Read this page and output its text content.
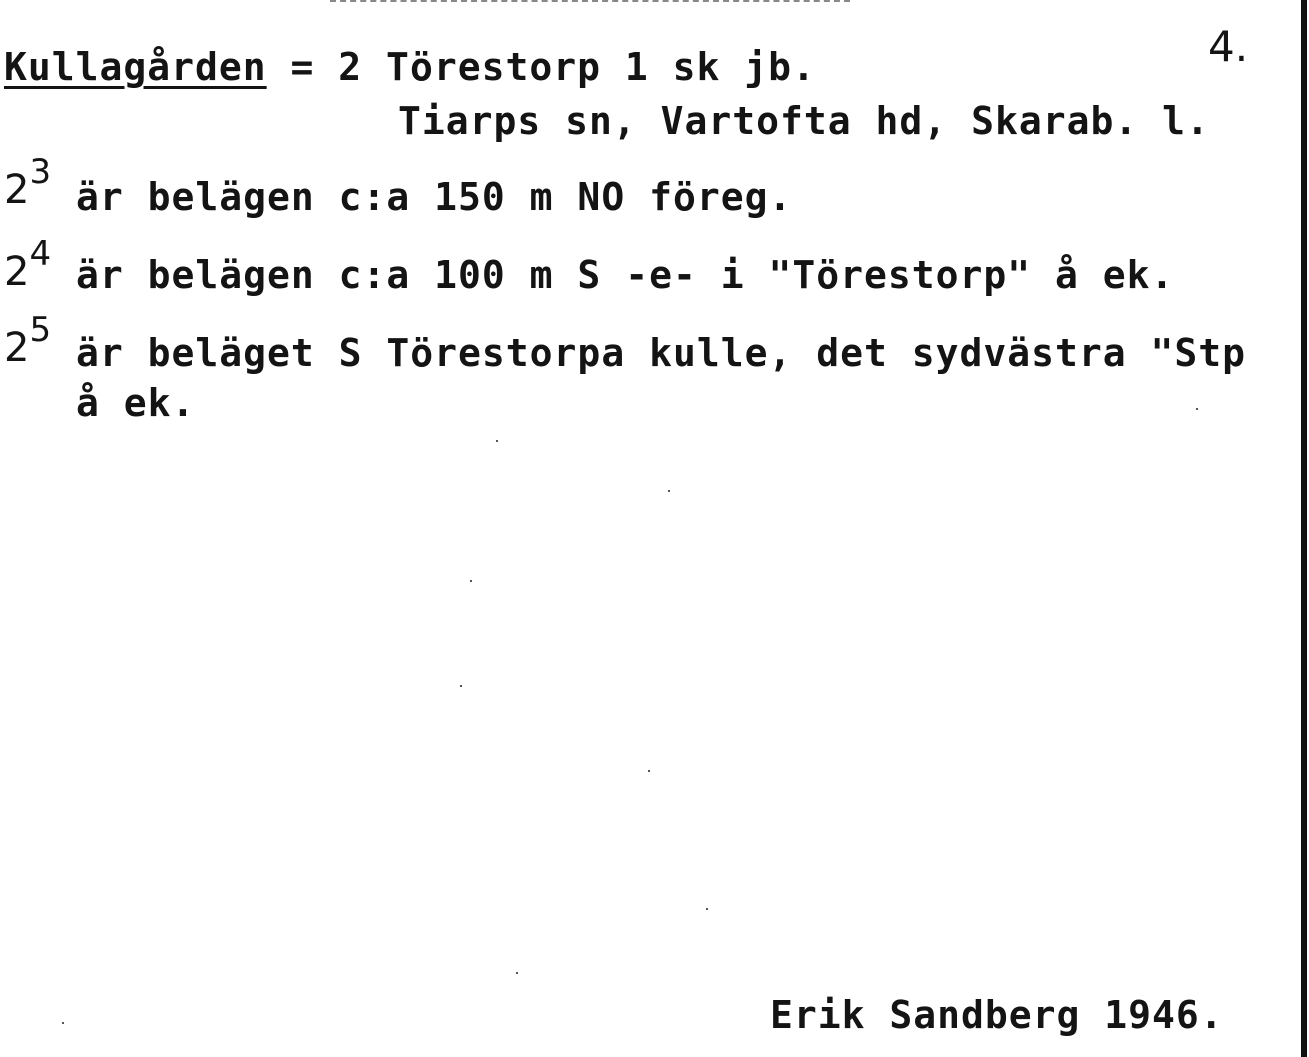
4.
Kullagården = 2 Törestorp 1 sk jb.
Tiarps sn, Vartofta hd, Skarab. l.
$2^3$
är belägen c:a 150 m NO föreg.
$2^4$ är belägen c:a 100 m S -e- i "Törestorp" å ek.
$2^5$
är beläget S Törestorpa kulle, det sydvästra "Stp
å ek.
Erik Sandberg 1946.
